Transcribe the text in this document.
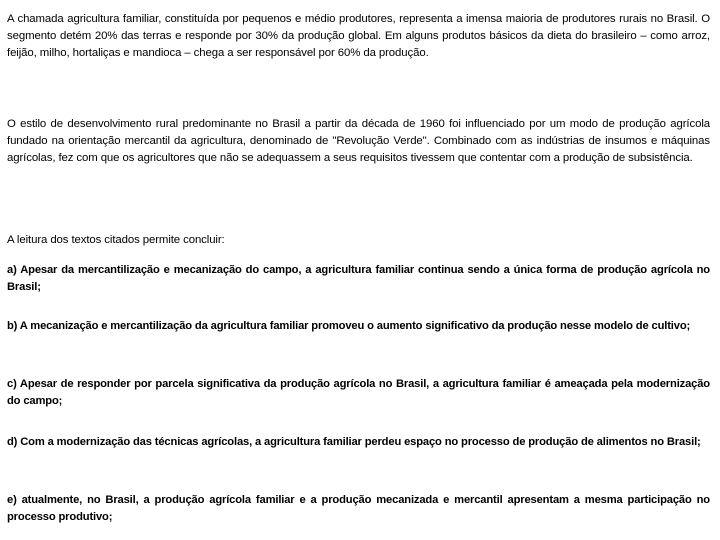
A chamada agricultura familiar, constituída por pequenos e médio produtores, representa a imensa maioria de produtores rurais no Brasil. O segmento detém 20% das terras e responde por 30% da produção global. Em alguns produtos básicos da dieta do brasileiro – como arroz, feijão, milho, hortaliças e mandioca – chega a ser responsável por 60% da produção.

O estilo de desenvolvimento rural predominante no Brasil a partir da década de 1960 foi influenciado por um modo de produção agrícola fundado na orientação mercantil da agricultura, denominado de "Revolução Verde". Combinado com as indústrias de insumos e máquinas agrícolas, fez com que os agricultores que não se adequassem a seus requisitos tivessem que contentar com a produção de subsistência.

A leitura dos textos citados permite concluir:

a) Apesar da mercantilização e mecanização do campo, a agricultura familiar continua sendo a única forma de produção agrícola no Brasil;

b) A mecanização e mercantilização da agricultura familiar promoveu o aumento significativo da produção nesse modelo de cultivo;

c) Apesar de responder por parcela significativa da produção agrícola no Brasil, a agricultura familiar é ameaçada pela modernização do campo;

d) Com a modernização das técnicas agrícolas, a agricultura familiar perdeu espaço no processo de produção de alimentos no Brasil;

e) atualmente, no Brasil, a produção agrícola familiar e a produção mecanizada e mercantil apresentam a mesma participação no processo produtivo;
